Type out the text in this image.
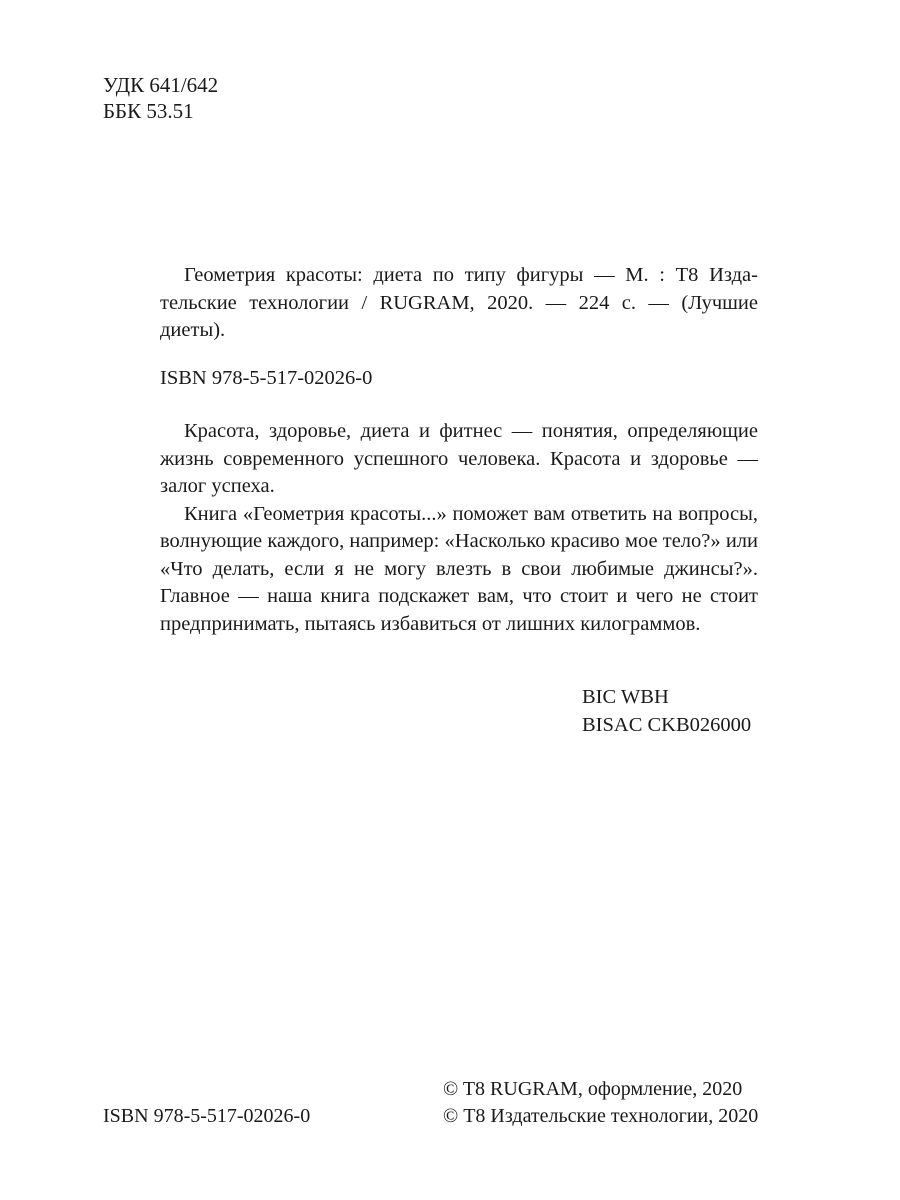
УДК 641/642
ББК 53.51
Геометрия красоты: диета по типу фигуры — М. : Т8 Издательские технологии / RUGRAM, 2020. — 224 с. — (Лучшие диеты).
ISBN 978-5-517-02026-0

Красота, здоровье, диета и фитнес — понятия, определяющие жизнь современного успешного человека. Красота и здоровье — залог успеха.

Книга «Геометрия красоты...» поможет вам ответить на вопросы, волнующие каждого, например: «Насколько красиво мое тело?» или «Что делать, если я не могу влезть в свои любимые джинсы?». Главное — наша книга подскажет вам, что стоит и чего не стоит предпринимать, пытаясь избавиться от лишних килограммов.

BIC WBH
BISAC CKB026000
ISBN 978-5-517-02026-0
© T8 RUGRAM, оформление, 2020
© Т8 Издательские технологии, 2020
